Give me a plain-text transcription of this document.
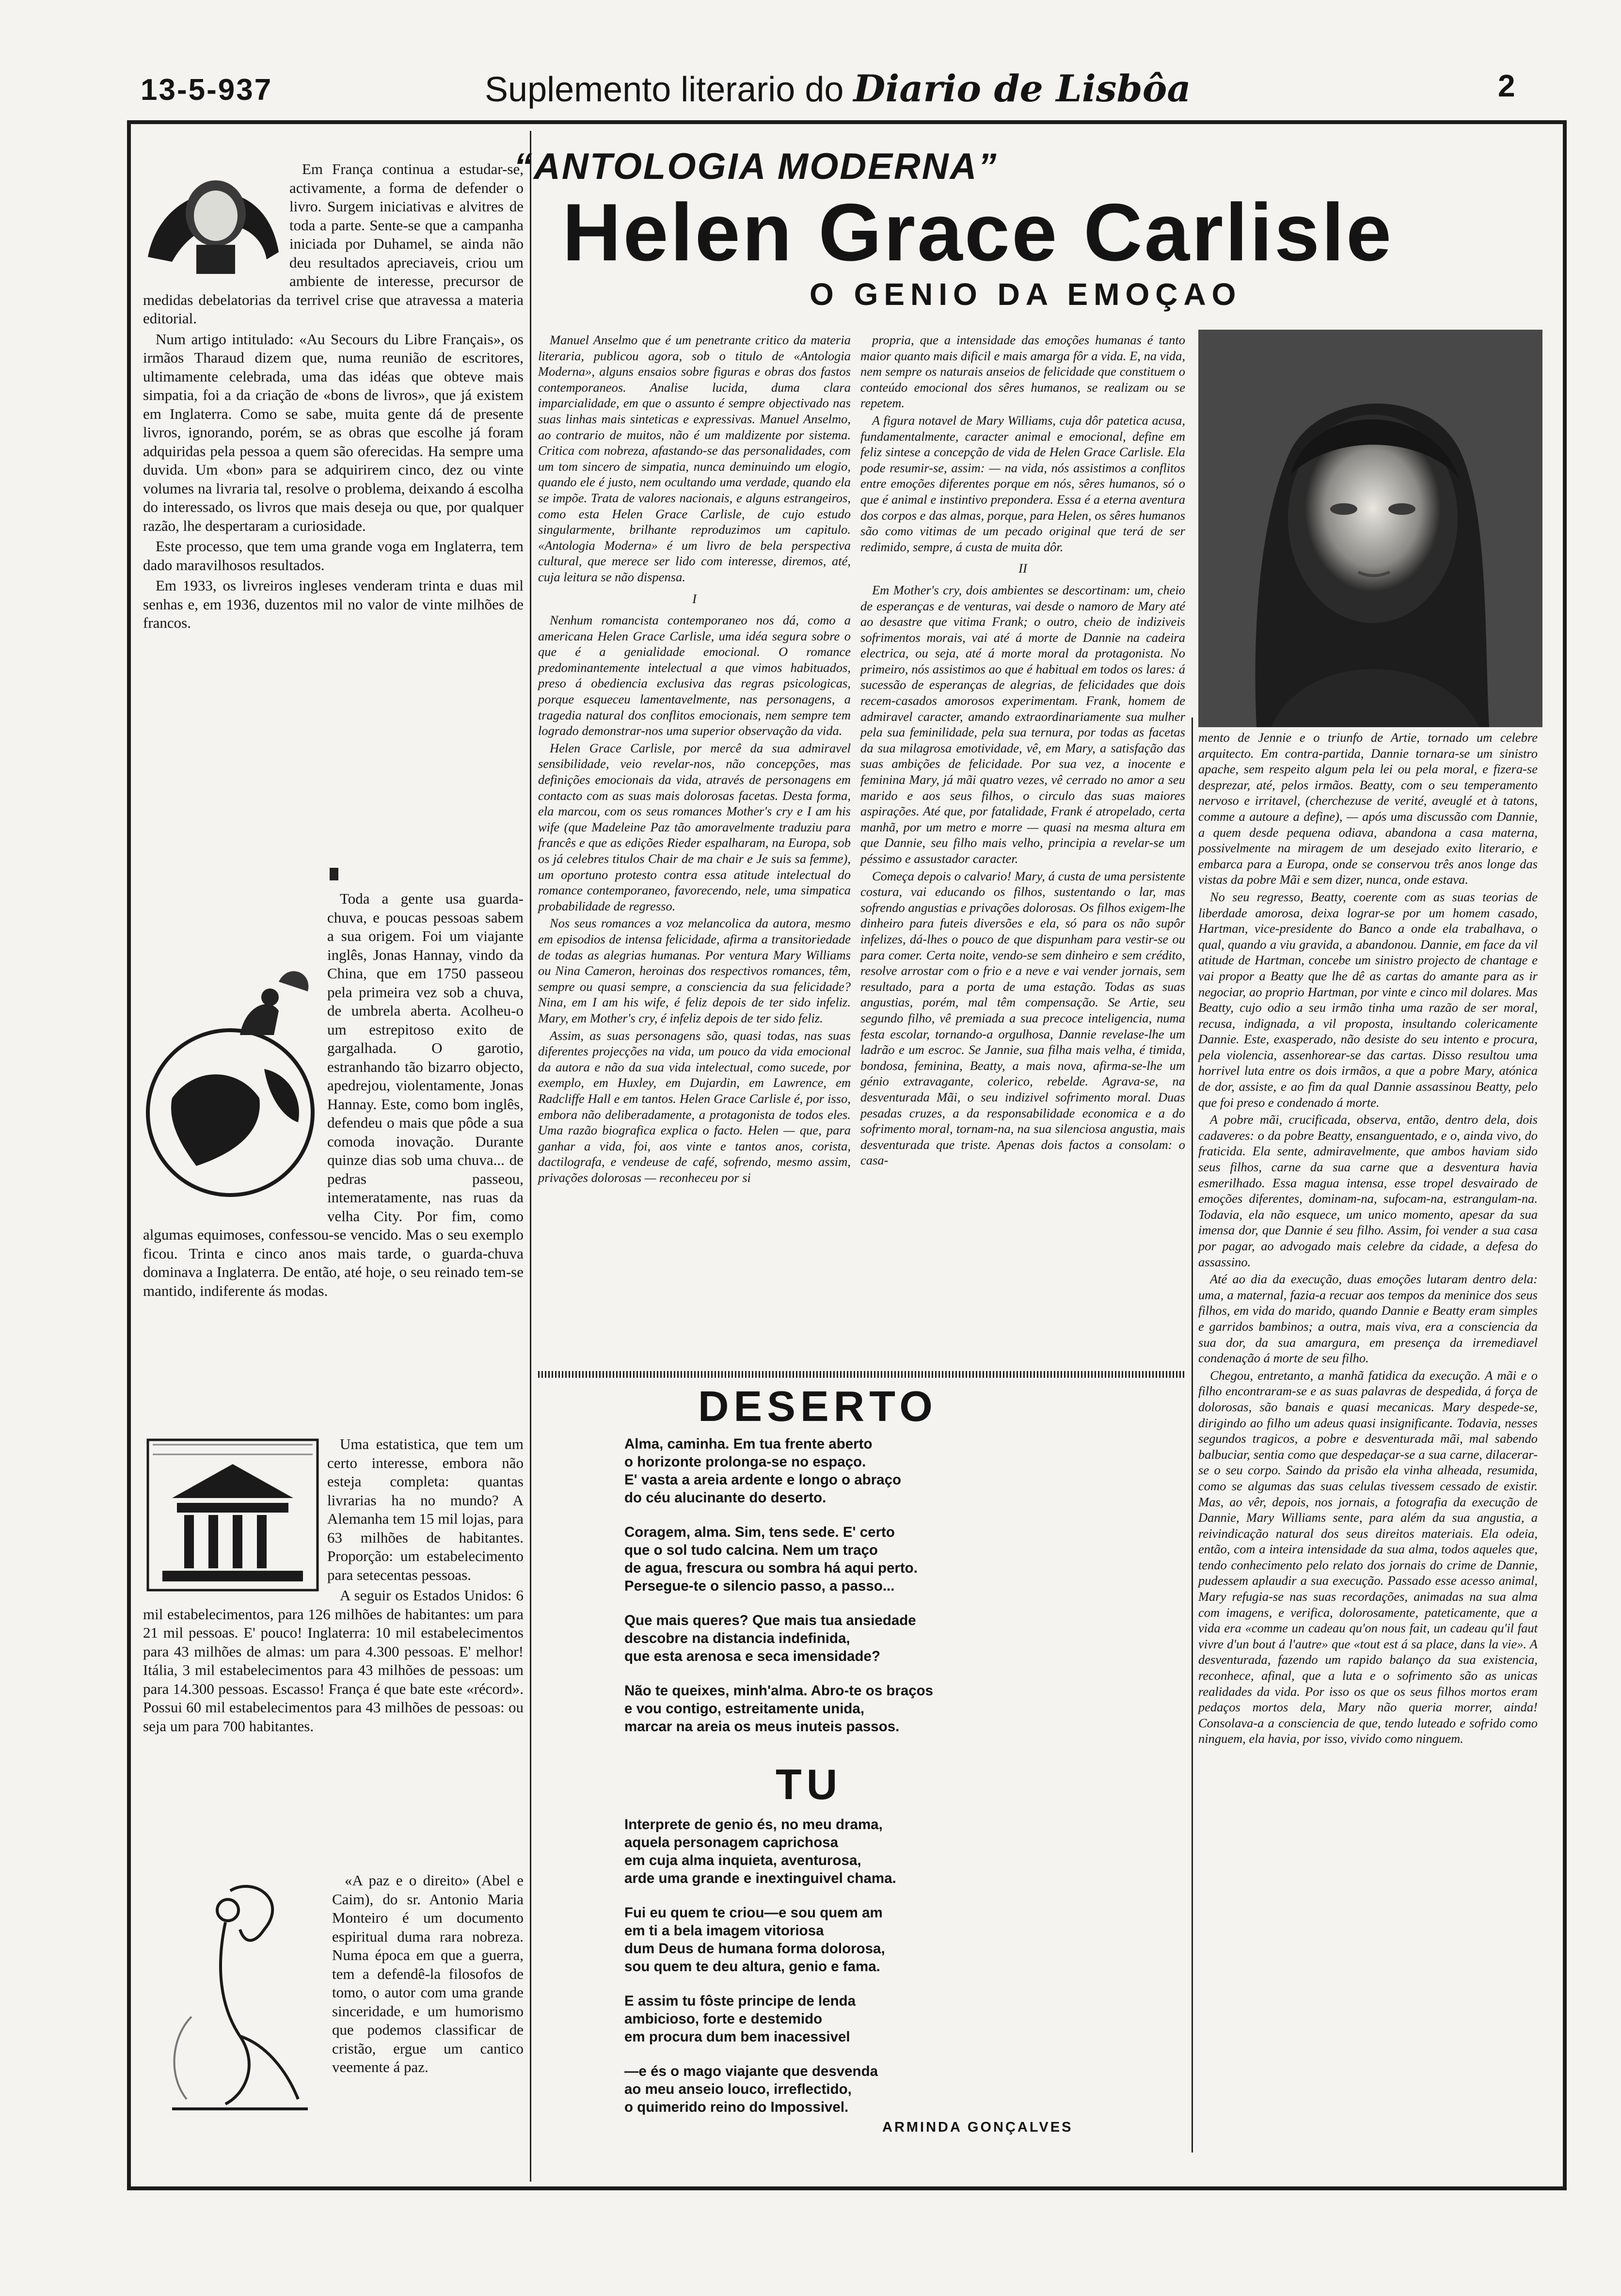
13-5-937	Suplemento literario do Diario de Lisbôa	2

Em França continua a estudar-se, activamente, a forma de defender o livro. Surgem iniciativas e alvitres de toda a parte. Sente-se que a campanha iniciada por Duhamel, se ainda não deu resultados apreciaveis, criou um ambiente de interesse, precursor de medidas debelatorias da terrivel crise que atravessa a materia editorial.

Num artigo intitulado: «Au Secours du Libre Français», os irmãos Tharaud dizem que, numa reunião de escritores, ultimamente celebrada, uma das idéas que obteve mais simpatia, foi a da criação de «bons de livros», que já existem em Inglaterra. Como se sabe, muita gente dá de presente livros, ignorando, porém, se as obras que escolhe já foram adquiridas pela pessoa a quem são oferecidas. Ha sempre uma duvida. Um «bon» para se adquirirem cinco, dez ou vinte volumes na livraria tal, resolve o problema, deixando á escolha do interessado, os livros que mais deseja ou que, por qualquer razão, lhe despertaram a curiosidade.

Este processo, que tem uma grande voga em Inglaterra, tem dado maravilhosos resultados.

Em 1933, os livreiros ingleses venderam trinta e duas mil senhas e, em 1936, duzentos mil no valor de vinte milhões de francos.

Toda a gente usa guarda-chuva, e poucas pessoas sabem a sua origem. Foi um viajante inglês, Jonas Hannay, vindo da China, que em 1750 passeou pela primeira vez sob a chuva, de umbrela aberta. Acolheu-o um estrepitoso exito de gargalhada. O garotio, estranhando tão bizarro objecto, apedrejou, violentamente, Jonas Hannay. Este, como bom inglês, defendeu o mais que pôde a sua comoda inovação. Durante quinze dias sob uma chuva... de pedras passeou, intemeratamente, nas ruas da velha City. Por fim, como algumas equimoses, confessou-se vencido. Mas o seu exemplo ficou. Trinta e cinco anos mais tarde, o guarda-chuva dominava a Inglaterra. De então, até hoje, o seu reinado tem-se mantido, indiferente ás modas.

Uma estatistica, que tem um certo interesse, embora não esteja completa: quantas livrarias ha no mundo? A Alemanha tem 15 mil lojas, para 63 milhões de habitantes. Proporção: um estabelecimento para setecentas pessoas.

A seguir os Estados Unidos: 6 mil estabelecimentos, para 126 milhões de habitantes: um para 21 mil pessoas. E' pouco! Inglaterra: 10 mil estabelecimentos para 43 milhões de almas: um para 4.300 pessoas. E' melhor! Itália, 3 mil estabelecimentos para 43 milhões de pessoas: um para 14.300 pessoas. Escasso! França é que bate este «récord». Possui 60 mil estabelecimentos para 43 milhões de pessoas: ou seja um para 700 habitantes.

«A paz e o direito» (Abel e Caim), do sr. Antonio Maria Monteiro é um documento espiritual duma rara nobreza. Numa época em que a guerra, tem a defendê-la filosofos de tomo, o autor com uma grande sinceridade, e um humorismo que podemos classificar de cristão, ergue um cantico veemente á paz.

“ANTOLOGIA MODERNA”
Helen Grace Carlisle
O GENIO DA EMOÇAO

Manuel Anselmo que é um penetrante critico da materia literaria, publicou agora, sob o titulo de «Antologia Moderna», alguns ensaios sobre figuras e obras dos fastos contemporaneos. Analise lucida, duma clara imparcialidade, em que o assunto é sempre objectivado nas suas linhas mais sinteticas e expressivas. Manuel Anselmo, ao contrario de muitos, não é um maldizente por sistema. Critica com nobreza, afastando-se das personalidades, com um tom sincero de simpatia, nunca deminuindo um elogio, quando ele é justo, nem ocultando uma verdade, quando ela se impõe. Trata de valores nacionais, e alguns estrangeiros, como esta Helen Grace Carlisle, de cujo estudo singularmente, brilhante reproduzimos um capitulo. «Antologia Moderna» é um livro de bela perspectiva cultural, que merece ser lido com interesse, diremos, até, cuja leitura se não dispensa.

I

Nenhum romancista contemporaneo nos dá, como a americana Helen Grace Carlisle, uma idéa segura sobre o que é a genialidade emocional. O romance predominantemente intelectual a que vimos habituados, preso á obediencia exclusiva das regras psicologicas, porque esqueceu lamentavelmente, nas personagens, a tragedia natural dos conflitos emocionais, nem sempre tem logrado demonstrar-nos uma superior observação da vida.

Helen Grace Carlisle, por mercê da sua admiravel sensibilidade, veio revelar-nos, não concepções, mas definições emocionais da vida, através de personagens em contacto com as suas mais dolorosas facetas. Desta forma, ela marcou, com os seus romances Mother's cry e I am his wife (que Madeleine Paz tão amoravelmente traduziu para francês e que as edições Rieder espalharam, na Europa, sob os já celebres titulos Chair de ma chair e Je suis sa femme), um oportuno protesto contra essa atitude intelectual do romance contemporaneo, favorecendo, nele, uma simpatica probabilidade de regresso.

Nos seus romances a voz melancolica da autora, mesmo em episodios de intensa felicidade, afirma a transitoriedade de todas as alegrias humanas. Por ventura Mary Williams ou Nina Cameron, heroinas dos respectivos romances, têm, sempre ou quasi sempre, a consciencia da sua felicidade? Nina, em I am his wife, é feliz depois de ter sido infeliz. Mary, em Mother's cry, é infeliz depois de ter sido feliz.

Assim, as suas personagens são, quasi todas, nas suas diferentes projecções na vida, um pouco da vida emocional da autora e não da sua vida intelectual, como sucede, por exemplo, em Huxley, em Dujardin, em Lawrence, em Radcliffe Hall e em tantos. Helen Grace Carlisle é, por isso, embora não deliberadamente, a protagonista de todos eles. Uma razão biografica explica o facto. Helen — que, para ganhar a vida, foi, aos vinte e tantos anos, corista, dactilografa, e vendeuse de café, sofrendo, mesmo assim, privações dolorosas — reconheceu por si

propria, que a intensidade das emoções humanas é tanto maior quanto mais dificil e mais amarga fôr a vida. E, na vida, nem sempre os naturais anseios de felicidade que constituem o conteúdo emocional dos sêres humanos, se realizam ou se repetem.

A figura notavel de Mary Williams, cuja dôr patetica acusa, fundamentalmente, caracter animal e emocional, define em feliz sintese a concepção de vida de Helen Grace Carlisle. Ela pode resumir-se, assim: — na vida, nós assistimos a conflitos entre emoções diferentes porque em nós, sêres humanos, só o que é animal e instintivo prepondera. Essa é a eterna aventura dos corpos e das almas, porque, para Helen, os sêres humanos são como vitimas de um pecado original que terá de ser redimido, sempre, á custa de muita dôr.

II

Em Mother's cry, dois ambientes se descortinam: um, cheio de esperanças e de venturas, vai desde o namoro de Mary até ao desastre que vitima Frank; o outro, cheio de indiziveis sofrimentos morais, vai até á morte de Dannie na cadeira electrica, ou seja, até á morte moral da protagonista. No primeiro, nós assistimos ao que é habitual em todos os lares: á sucessão de esperanças de alegrias, de felicidades que dois recem-casados amorosos experimentam. Frank, homem de admiravel caracter, amando extraordinariamente sua mulher pela sua feminilidade, pela sua ternura, por todas as facetas da sua milagrosa emotividade, vê, em Mary, a satisfação das suas ambições de felicidade. Por sua vez, a inocente e feminina Mary, já mãi quatro vezes, vê cerrado no amor a seu marido e aos seus filhos, o circulo das suas maiores aspirações. Até que, por fatalidade, Frank é atropelado, certa manhã, por um metro e morre — quasi na mesma altura em que Dannie, seu filho mais velho, principia a revelar-se um péssimo e assustador caracter.

Começa depois o calvario! Mary, á custa de uma persistente costura, vai educando os filhos, sustentando o lar, mas sofrendo angustias e privações dolorosas. Os filhos exigem-lhe dinheiro para futeis diversões e ela, só para os não supôr infelizes, dá-lhes o pouco de que dispunham para vestir-se ou para comer. Certa noite, vendo-se sem dinheiro e sem crédito, resolve arrostar com o frio e a neve e vai vender jornais, sem resultado, para a porta de uma estação. Todas as suas angustias, porém, mal têm compensação. Se Artie, seu segundo filho, vê premiada a sua precoce inteligencia, numa festa escolar, tornando-a orgulhosa, Dannie revelase-lhe um ladrão e um escroc. Se Jannie, sua filha mais velha, é timida, bondosa, feminina, Beatty, a mais nova, afirma-se-lhe um génio extravagante, colerico, rebelde. Agrava-se, na desventurada Mãi, o seu indizivel sofrimento moral. Duas pesadas cruzes, a da responsabilidade economica e a do sofrimento moral, tornam-na, na sua silenciosa angustia, mais desventurada que triste. Apenas dois factos a consolam: o casa-

mento de Jennie e o triunfo de Artie, tornado um celebre arquitecto. Em contra-partida, Dannie tornara-se um sinistro apache, sem respeito algum pela lei ou pela moral, e fizera-se desprezar, até, pelos irmãos. Beatty, com o seu temperamento nervoso e irritavel, (cherchezuse de verité, aveuglé et à tatons, comme a autoure a define), — após uma discussão com Dannie, a quem desde pequena odiava, abandona a casa materna, possivelmente na miragem de um desejado exito literario, e embarca para a Europa, onde se conservou três anos longe das vistas da pobre Mãi e sem dizer, nunca, onde estava.

No seu regresso, Beatty, coerente com as suas teorias de liberdade amorosa, deixa lograr-se por um homem casado, Hartman, vice-presidente do Banco a onde ela trabalhava, o qual, quando a viu gravida, a abandonou. Dannie, em face da vil atitude de Hartman, concebe um sinistro projecto de chantage e vai propor a Beatty que lhe dê as cartas do amante para as ir negociar, ao proprio Hartman, por vinte e cinco mil dolares. Mas Beatty, cujo odio a seu irmão tinha uma razão de ser moral, recusa, indignada, a vil proposta, insultando colericamente Dannie. Este, exasperado, não desiste do seu intento e procura, pela violencia, assenhorear-se das cartas. Disso resultou uma horrivel luta entre os dois irmãos, a que a pobre Mary, atónica de dor, assiste, e ao fim da qual Dannie assassinou Beatty, pelo que foi preso e condenado á morte.

A pobre mãi, crucificada, observa, então, dentro dela, dois cadaveres: o da pobre Beatty, ensanguentado, e o, ainda vivo, do fraticida. Ela sente, admiravelmente, que ambos haviam sido seus filhos, carne da sua carne que a desventura havia esmerilhado. Essa magua intensa, esse tropel desvairado de emoções diferentes, dominam-na, sufocam-na, estrangulam-na. Todavia, ela não esquece, um unico momento, apesar da sua imensa dor, que Dannie é seu filho. Assim, foi vender a sua casa por pagar, ao advogado mais celebre da cidade, a defesa do assassino.

Até ao dia da execução, duas emoções lutaram dentro dela: uma, a maternal, fazia-a recuar aos tempos da meninice dos seus filhos, em vida do marido, quando Dannie e Beatty eram simples e garridos bambinos; a outra, mais viva, era a consciencia da sua dor, da sua amargura, em presença da irremediavel condenação á morte de seu filho.

Chegou, entretanto, a manhã fatidica da execução. A mãi e o filho encontraram-se e as suas palavras de despedida, á força de dolorosas, são banais e quasi mecanicas. Mary despede-se, dirigindo ao filho um adeus quasi insignificante. Todavia, nesses segundos tragicos, a pobre e desventurada mãi, mal sabendo balbuciar, sentia como que despedaçar-se a sua carne, dilacerar-se o seu corpo. Saindo da prisão ela vinha alheada, resumida, como se algumas das suas celulas tivessem cessado de existir. Mas, ao vêr, depois, nos jornais, a fotografia da execução de Dannie, Mary Williams sente, para além da sua angustia, a reivindicação natural dos seus direitos materiais. Ela odeia, então, com a inteira intensidade da sua alma, todos aqueles que, tendo conhecimento pelo relato dos jornais do crime de Dannie, pudessem aplaudir a sua execução. Passado esse acesso animal, Mary refugia-se nas suas recordações, animadas na sua alma com imagens, e verifica, dolorosamente, pateticamente, que a vida era «comme un cadeau qu'on nous fait, un cadeau qu'il faut vivre d'un bout á l'autre» que «tout est á sa place, dans la vie». A desventurada, fazendo um rapido balanço da sua existencia, reconhece, afinal, que a luta e o sofrimento são as unicas realidades da vida. Por isso os que os seus filhos mortos eram pedaços mortos dela, Mary não queria morrer, ainda! Consolava-a a consciencia de que, tendo luteado e sofrido como ninguem, ela havia, por isso, vivido como ninguem.

DESERTO
Alma, caminha. Em tua frente aberto
o horizonte prolonga-se no espaço.
E' vasta a areia ardente e longo o abraço
do céu alucinante do deserto.
Coragem, alma. Sim, tens sede. E' certo
que o sol tudo calcina. Nem um traço
de agua, frescura ou sombra há aqui perto.
Persegue-te o silencio passo, a passo...
Que mais queres? Que mais tua ansiedade
descobre na distancia indefinida,
que esta arenosa e seca imensidade?
Não te queixes, minh'alma. Abro-te os braços
e vou contigo, estreitamente unida,
marcar na areia os meus inuteis passos.
TU
Interprete de genio és, no meu drama,
aquela personagem caprichosa
em cuja alma inquieta, aventurosa,
arde uma grande e inextinguivel chama.
Fui eu quem te criou—e sou quem am
em ti a bela imagem vitoriosa
dum Deus de humana forma dolorosa,
sou quem te deu altura, genio e fama.
E assim tu fôste principe de lenda
ambicioso, forte e destemido
em procura dum bem inacessivel
—e és o mago viajante que desvenda
ao meu anseio louco, irreflectido,
o quimerido reino do Impossivel.
ARMINDA GONÇALVES
